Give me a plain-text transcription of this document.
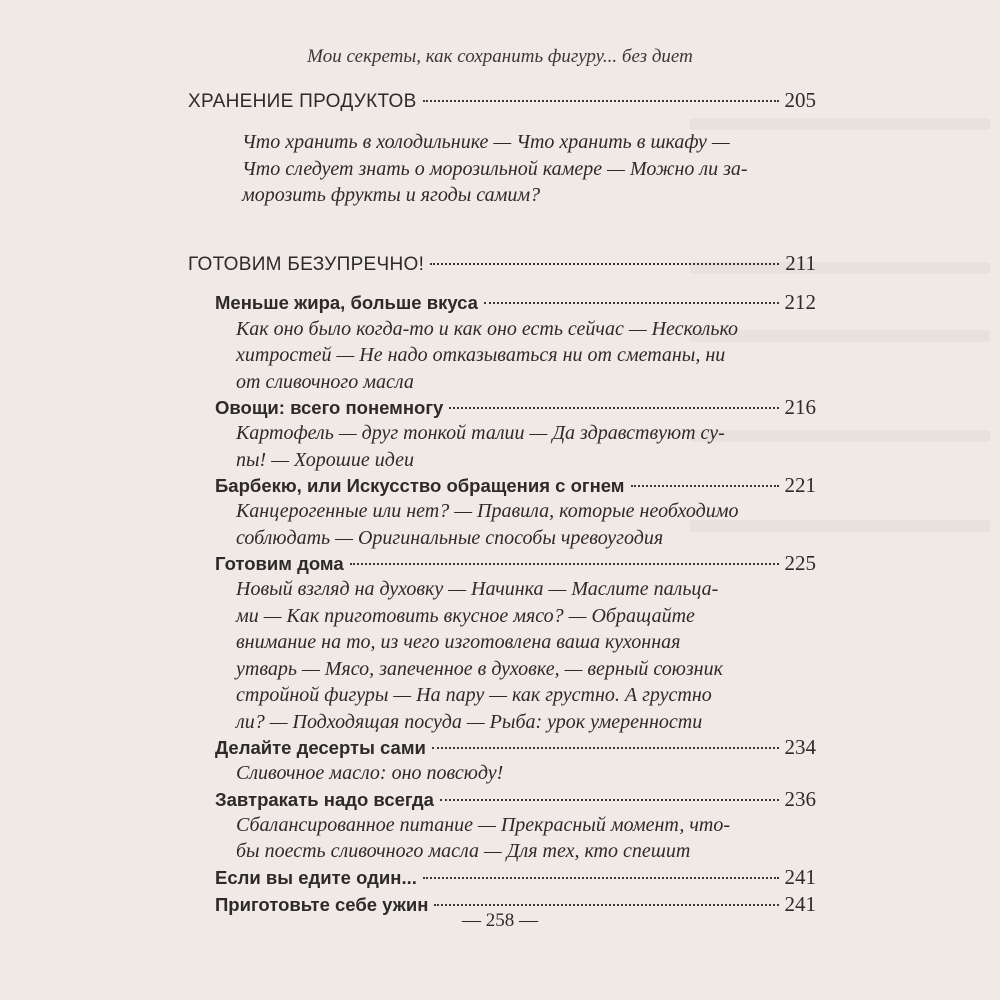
Мои секреты, как сохранить фигуру... без диет
ХРАНЕНИЕ ПРОДУКТОВ	205
Что хранить в холодильнике — Что хранить в шкафу —
Что следует знать о морозильной камере — Можно ли за-
морозить фрукты и ягоды самим?
ГОТОВИМ БЕЗУПРЕЧНО!	211
Меньше жира, больше вкуса	212
Как оно было когда-то и как оно есть сейчас — Несколько
хитростей — Не надо отказываться ни от сметаны, ни
от сливочного масла
Овощи: всего понемногу	216
Картофель — друг тонкой талии — Да здравствуют су-
пы! — Хорошие идеи
Барбекю, или Искусство обращения с огнем	221
Канцерогенные или нет? — Правила, которые необходимо
соблюдать — Оригинальные способы чревоугодия
Готовим дома	225
Новый взгляд на духовку — Начинка — Маслите пальца-
ми — Как приготовить вкусное мясо? — Обращайте
внимание на то, из чего изготовлена ваша кухонная
утварь — Мясо, запеченное в духовке, — верный союзник
стройной фигуры — На пару — как грустно. А грустно
ли? — Подходящая посуда — Рыба: урок умеренности
Делайте десерты сами	234
Сливочное масло: оно повсюду!
Завтракать надо всегда	236
Сбалансированное питание — Прекрасный момент, что-
бы поесть сливочного масла — Для тех, кто спешит
Если вы едите один...	241
Приготовьте себе ужин	241
— 258 —
